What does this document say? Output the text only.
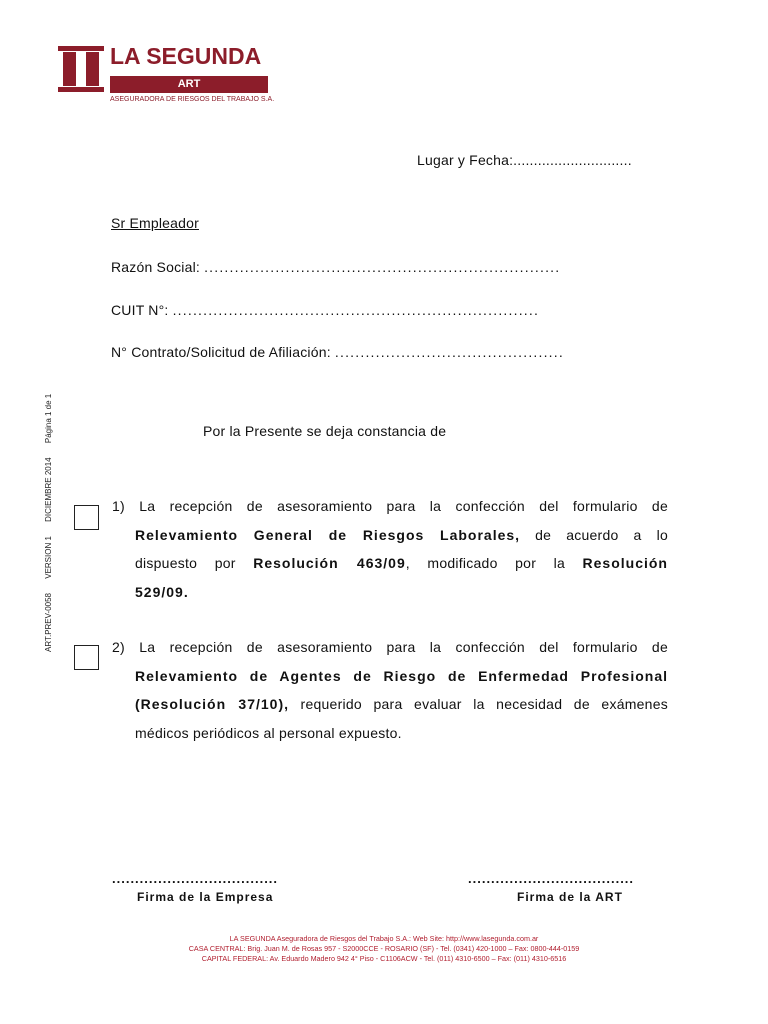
LA SEGUNDA
ART
ASEGURADORA DE RIESGOS DEL TRABAJO S.A.
ART.PREV-0058 VERSION 1 DICIEMBRE 2014 Página 1 de 1
Lugar y Fecha:.............................
Sr Empleador
Razón Social: ......................................................................
CUIT N°: ........................................................................
N° Contrato/Solicitud de Afiliación: .............................................
Por la Presente se deja constancia de
1) La recepción de asesoramiento para la confección del formulario de
Relevamiento General de Riesgos Laborales, de acuerdo a lo
dispuesto por Resolución 463/09, modificado por la Resolución
529/09.
2) La recepción de asesoramiento para la confección del formulario de
Relevamiento de Agentes de Riesgo de Enfermedad Profesional
(Resolución 37/10), requerido para evaluar la necesidad de exámenes
médicos periódicos al personal expuesto.
....................................	....................................
Firma de la Empresa	Firma de la ART
LA SEGUNDA Aseguradora de Riesgos del Trabajo S.A.: Web Site: http://www.lasegunda.com.ar
CASA CENTRAL: Brig. Juan M. de Rosas 957 - S2000CCE - ROSARIO (SF) - Tel. (0341) 420-1000 – Fax: 0800-444-0159
CAPITAL FEDERAL: Av. Eduardo Madero 942 4° Piso - C1106ACW - Tel. (011) 4310-6500 – Fax: (011) 4310-6516
